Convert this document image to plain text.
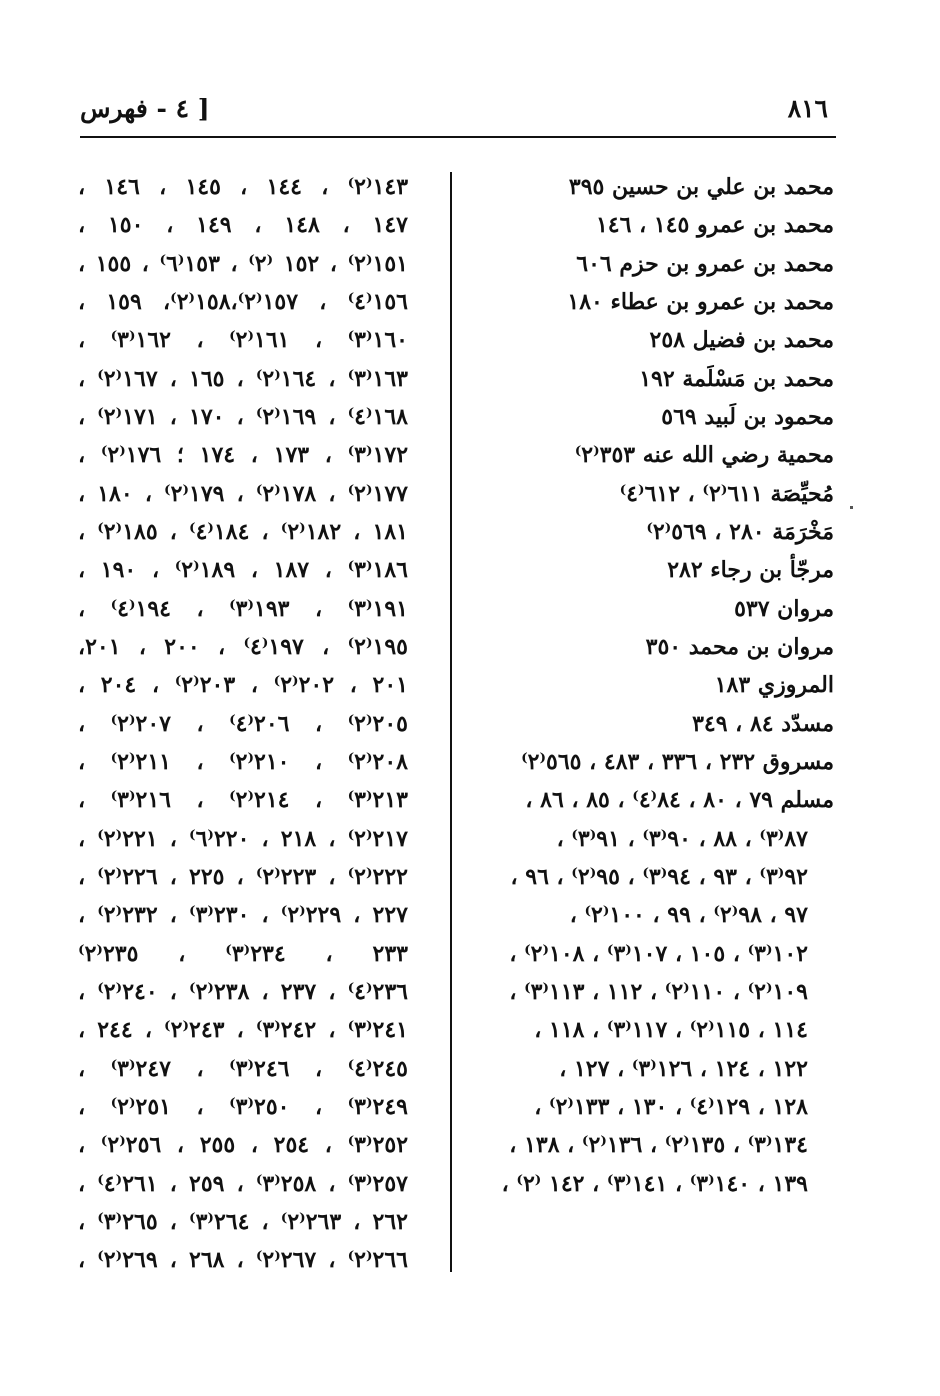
٨١٦
[ ٤ - فهرس
محمد بن علي بن حسين ٣٩٥
محمد بن عمرو ١٤٥ ، ١٤٦
محمد بن عمرو بن حزم ٦٠٦
محمد بن عمرو بن عطاء ١٨٠
محمد بن فضيل ٢٥٨
محمد بن مَسْلَمة ١٩٢
محمود بن لَبيد ٥٦٩
محمية رضي الله عنه ٣٥٣⁽٢⁾
مُحيِّصَة ٦١١⁽٢⁾ ، ٦١٢⁽٤⁾
مَخْرَمَة ٢٨٠ ، ٥٦٩⁽٢⁾
مرجّأ بن رجاء ٢٨٢
مروان ٥٣٧
مروان بن محمد ٣٥٠
المروزي ١٨٣
مسدّد ٨٤ ، ٣٤٩
مسروق ٢٣٢ ، ٣٣٦ ، ٤٨٣ ، ٥٦٥⁽٢⁾
مسلم ٧٩ ، ٨٠ ، ٨٤⁽٤⁾ ، ٨٥ ، ٨٦ ،
٨٧⁽٣⁾ ، ٨٨ ، ٩٠⁽٣⁾ ، ٩١⁽٣⁾ ،
٩٢⁽٣⁾ ، ٩٣ ، ٩٤⁽٣⁾ ، ٩٥⁽٢⁾ ، ٩٦ ،
٩٧ ، ٩٨⁽٢⁾ ، ٩٩ ، ١٠٠⁽٢⁾ ،
١٠٢⁽٣⁾ ، ١٠٥ ، ١٠٧⁽٣⁾ ، ١٠٨⁽٢⁾ ،
١٠٩⁽٢⁾ ، ١١٠⁽٢⁾ ، ١١٢ ، ١١٣⁽٣⁾ ،
١١٤ ، ١١٥⁽٢⁾ ، ١١٧⁽٣⁾ ، ١١٨ ،
١٢٢ ، ١٢٤ ، ١٢٦⁽٣⁾ ، ١٢٧ ،
١٢٨ ، ١٢٩⁽٤⁾ ، ١٣٠ ، ١٣٣⁽٢⁾ ،
١٣٤⁽٣⁾ ، ١٣٥⁽٢⁾ ، ١٣٦⁽٢⁾ ، ١٣٨ ،
١٣٩ ، ١٤٠⁽٣⁾ ، ١٤١⁽٣⁾ ، ١٤٢ ⁽٢⁾ ،
١٤٣⁽٢⁾ ، ١٤٤ ، ١٤٥ ، ١٤٦ ،
١٤٧ ، ١٤٨ ، ١٤٩ ، ١٥٠ ،
١٥١⁽٢⁾ ، ١٥٢ ⁽٢⁾ ، ١٥٣⁽٦⁾ ، ١٥٥ ،
١٥٦⁽٤⁾ ، ١٥٧⁽٢⁾،١٥٨⁽٢⁾، ١٥٩ ،
١٦٠⁽٣⁾ ، ١٦١⁽٢⁾ ، ١٦٢⁽٣⁾ ،
١٦٣⁽٣⁾ ، ١٦٤⁽٢⁾ ، ١٦٥ ، ١٦٧⁽٢⁾ ،
١٦٨⁽٤⁾ ، ١٦٩⁽٢⁾ ، ١٧٠ ، ١٧١⁽٢⁾ ،
١٧٢⁽٣⁾ ، ١٧٣ ، ١٧٤ ؛ ١٧٦⁽٢⁾ ،
١٧٧⁽٢⁾ ، ١٧٨⁽٢⁾ ، ١٧٩⁽٢⁾ ، ١٨٠ ،
١٨١ ، ١٨٢⁽٢⁾ ، ١٨٤⁽٤⁾ ، ١٨٥⁽٢⁾ ،
١٨٦⁽٣⁾ ، ١٨٧ ، ١٨٩⁽٢⁾ ، ١٩٠ ،
١٩١⁽٣⁾ ، ١٩٣⁽٣⁾ ، ١٩٤⁽٤⁾ ،
١٩٥⁽٢⁾ ، ١٩٧⁽٤⁾ ، ٢٠٠ ، ٢٠١،
٢٠١ ، ٢٠٢⁽٢⁾ ، ٢٠٣⁽٢⁾ ، ٢٠٤ ،
٢٠٥⁽٢⁾ ، ٢٠٦⁽٤⁾ ، ٢٠٧⁽٢⁾ ،
٢٠٨⁽٢⁾ ، ٢١٠⁽٢⁾ ، ٢١١⁽٢⁾ ،
٢١٣⁽٣⁾ ، ٢١٤⁽٢⁾ ، ٢١٦⁽٣⁾ ،
٢١٧⁽٢⁾ ، ٢١٨ ، ٢٢٠⁽٦⁾ ، ٢٢١⁽٢⁾ ،
٢٢٢⁽٢⁾ ، ٢٢٣⁽٢⁾ ، ٢٢٥ ، ٢٢٦⁽٢⁾ ،
٢٢٧ ، ٢٢٩⁽٢⁾ ، ٢٣٠⁽٣⁾ ، ٢٣٢⁽٢⁾ ،
٢٣٣ ، ٢٣٤⁽٣⁾ ، ٢٣٥⁽٢⁾
٢٣٦⁽٤⁾ ، ٢٣٧ ، ٢٣٨⁽٢⁾ ، ٢٤٠⁽٢⁾ ،
٢٤١⁽٣⁾ ، ٢٤٢⁽٣⁾ ، ٢٤٣⁽٢⁾ ، ٢٤٤ ،
٢٤٥⁽٤⁾ ، ٢٤٦⁽٣⁾ ، ٢٤٧⁽٣⁾ ،
٢٤٩⁽٣⁾ ، ٢٥٠⁽٣⁾ ، ٢٥١⁽٢⁾ ،
٢٥٢⁽٣⁾ ، ٢٥٤ ، ٢٥٥ ، ٢٥٦⁽٢⁾ ،
٢٥٧⁽٣⁾ ، ٢٥٨⁽٣⁾ ، ٢٥٩ ، ٢٦١⁽٤⁾ ،
٢٦٢ ، ٢٦٣⁽٢⁾ ، ٢٦٤⁽٣⁾ ، ٢٦٥⁽٣⁾ ،
٢٦٦⁽٢⁾ ، ٢٦٧⁽٢⁾ ، ٢٦٨ ، ٢٦٩⁽٢⁾ ،
